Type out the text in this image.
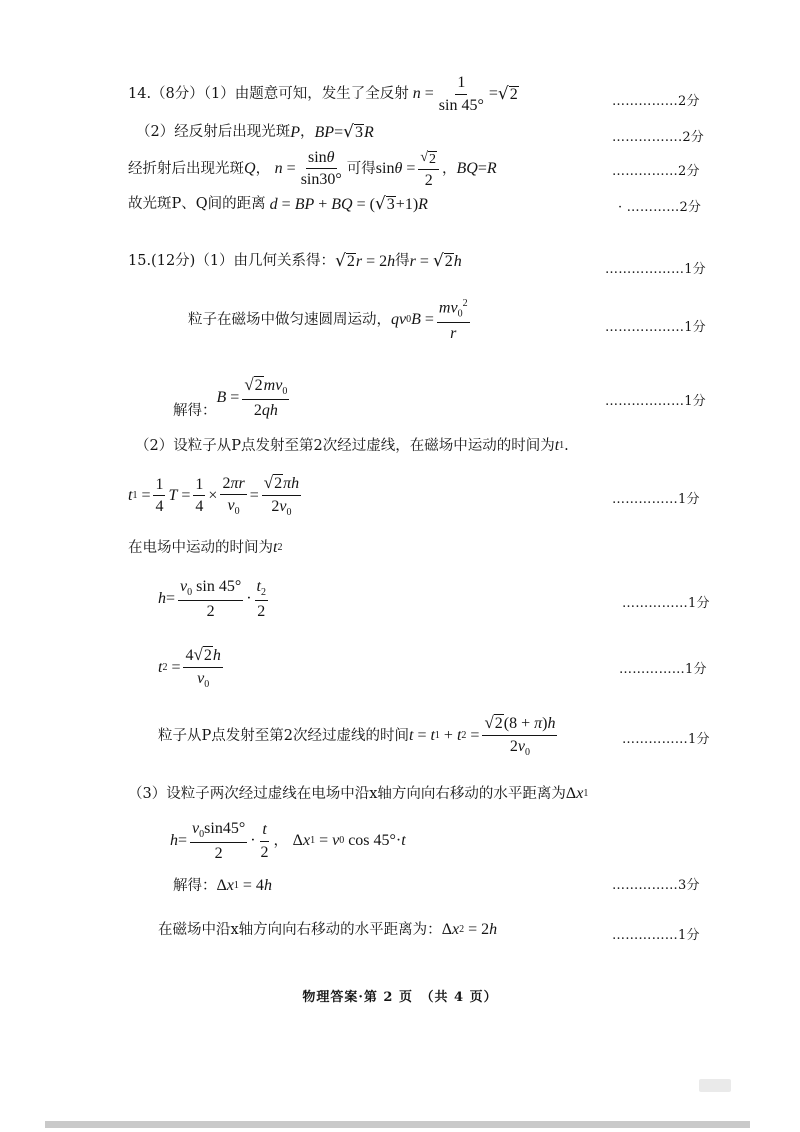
14.（8分）（1）由题意可知，发生了全反射 $n = \frac{1}{\sin 45^\circ}$ = √ 2	……………2分
（2）经反射后出现光斑 P ， BP = √ 3 R	…………….2分
经折射后出现光斑 Q ， $n = \frac{\sin\theta}{\sin 30^\circ}$ 可得 $\sin \theta = \frac{√ 2}{2}$ ， BQ = R	……………2分
故光斑P、Q间的距离 d = BP + BQ = ( √ 3 +1) R	· …………2分
15.(12分)（1）由几何关系得： √ 2 r = 2 h 得 r = √ 2 h	………………1分
粒子在磁场中做匀速圆周运动， qv 0 $B = \frac{mv_0^2}{r}$	………………1分
解得：
$B = \frac{√ 2 mv_0}{2qh}$	………………1分
（2）设粒子从P点发射至第2次经过虚线，在磁场中运动的时间为 t 1 .
t $1 = \frac{1}{4}$ $T = \frac{1}{4} \times \frac{2\pi r}{v_0} = \frac{√ 2 \pi h}{2v_0}$	……………1分
在电场中运动的时间为 t 2
$h = \frac{v_0 \sin 45^\circ}{2} \cdot \frac{t_2}{2}$	……………1分
t $2 = \frac{4 √ 2 h}{v_0}$	……………1分
粒子从P点发射至第2次经过虚线的时间 t = t 1 + t $2 = \frac{√ 2 (8 + \pi)h}{2v_0}$	……………1分
（3）设粒子两次经过虚线在电场中沿x轴方向向右移动的水平距离为 Δ x 1
$h = \frac{v_0\sin 45^\circ}{2} \cdot \frac{t}{2}$ ， Δ x 1 = v 0 cos 45°· t
解得： Δ x 1 = 4 h	……………3分
在磁场中沿x轴方向向右移动的水平距离为： Δ x 2 = 2 h	……………1分
物理答案·第 2 页　（共 4 页）
